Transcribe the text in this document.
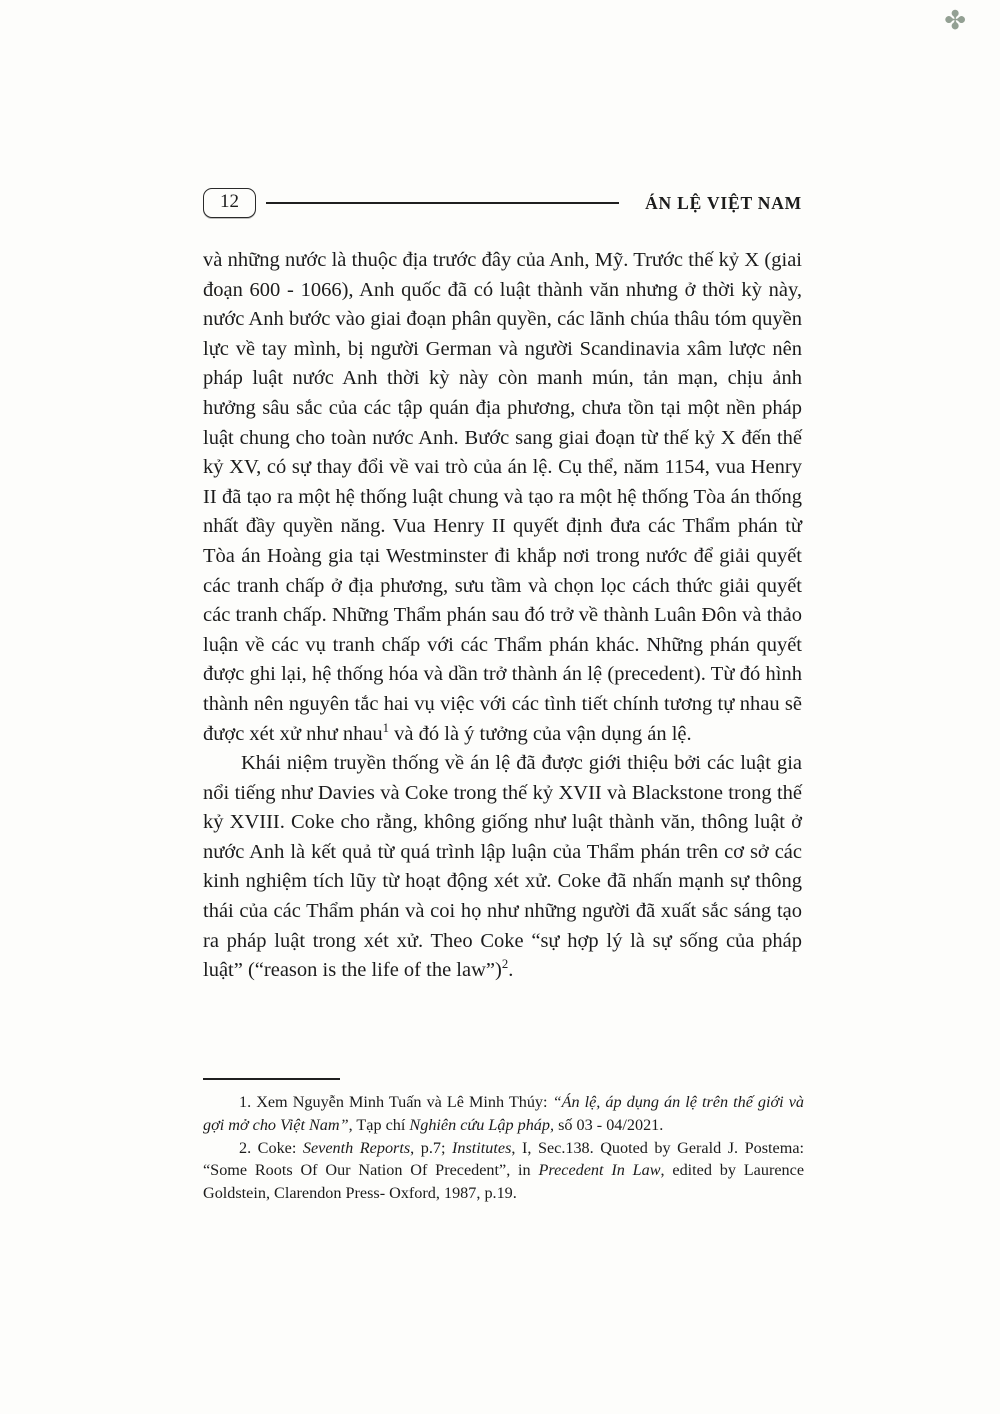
✤
12	ÁN LỆ VIỆT NAM

và những nước là thuộc địa trước đây của Anh, Mỹ. Trước thế kỷ X (giai đoạn 600 - 1066), Anh quốc đã có luật thành văn nhưng ở thời kỳ này, nước Anh bước vào giai đoạn phân quyền, các lãnh chúa thâu tóm quyền lực về tay mình, bị người German và người Scandinavia xâm lược nên pháp luật nước Anh thời kỳ này còn manh mún, tản mạn, chịu ảnh hưởng sâu sắc của các tập quán địa phương, chưa tồn tại một nền pháp luật chung cho toàn nước Anh. Bước sang giai đoạn từ thế kỷ X đến thế kỷ XV, có sự thay đổi về vai trò của án lệ. Cụ thể, năm 1154, vua Henry II đã tạo ra một hệ thống luật chung và tạo ra một hệ thống Tòa án thống nhất đầy quyền năng. Vua Henry II quyết định đưa các Thẩm phán từ Tòa án Hoàng gia tại Westminster đi khắp nơi trong nước để giải quyết các tranh chấp ở địa phương, sưu tầm và chọn lọc cách thức giải quyết các tranh chấp. Những Thẩm phán sau đó trở về thành Luân Đôn và thảo luận về các vụ tranh chấp với các Thẩm phán khác. Những phán quyết được ghi lại, hệ thống hóa và dần trở thành án lệ (precedent). Từ đó hình thành nên nguyên tắc hai vụ việc với các tình tiết chính tương tự nhau sẽ được xét xử như nhau$^1$ và đó là ý tưởng của vận dụng án lệ.

Khái niệm truyền thống về án lệ đã được giới thiệu bởi các luật gia nổi tiếng như Davies và Coke trong thế kỷ XVII và Blackstone trong thế kỷ XVIII. Coke cho rằng, không giống như luật thành văn, thông luật ở nước Anh là kết quả từ quá trình lập luận của Thẩm phán trên cơ sở các kinh nghiệm tích lũy từ hoạt động xét xử. Coke đã nhấn mạnh sự thông thái của các Thẩm phán và coi họ như những người đã xuất sắc sáng tạo ra pháp luật trong xét xử. Theo Coke “sự hợp lý là sự sống của pháp luật” (“reason is the life of the law”)$^2$.

1. Xem Nguyễn Minh Tuấn và Lê Minh Thúy: “Án lệ, áp dụng án lệ trên thế giới và gợi mở cho Việt Nam”, Tạp chí Nghiên cứu Lập pháp, số 03 - 04/2021.

2. Coke: Seventh Reports, p.7; Institutes, I, Sec.138. Quoted by Gerald J. Postema: “Some Roots Of Our Nation Of Precedent”, in Precedent In Law, edited by Laurence Goldstein, Clarendon Press- Oxford, 1987, p.19.
